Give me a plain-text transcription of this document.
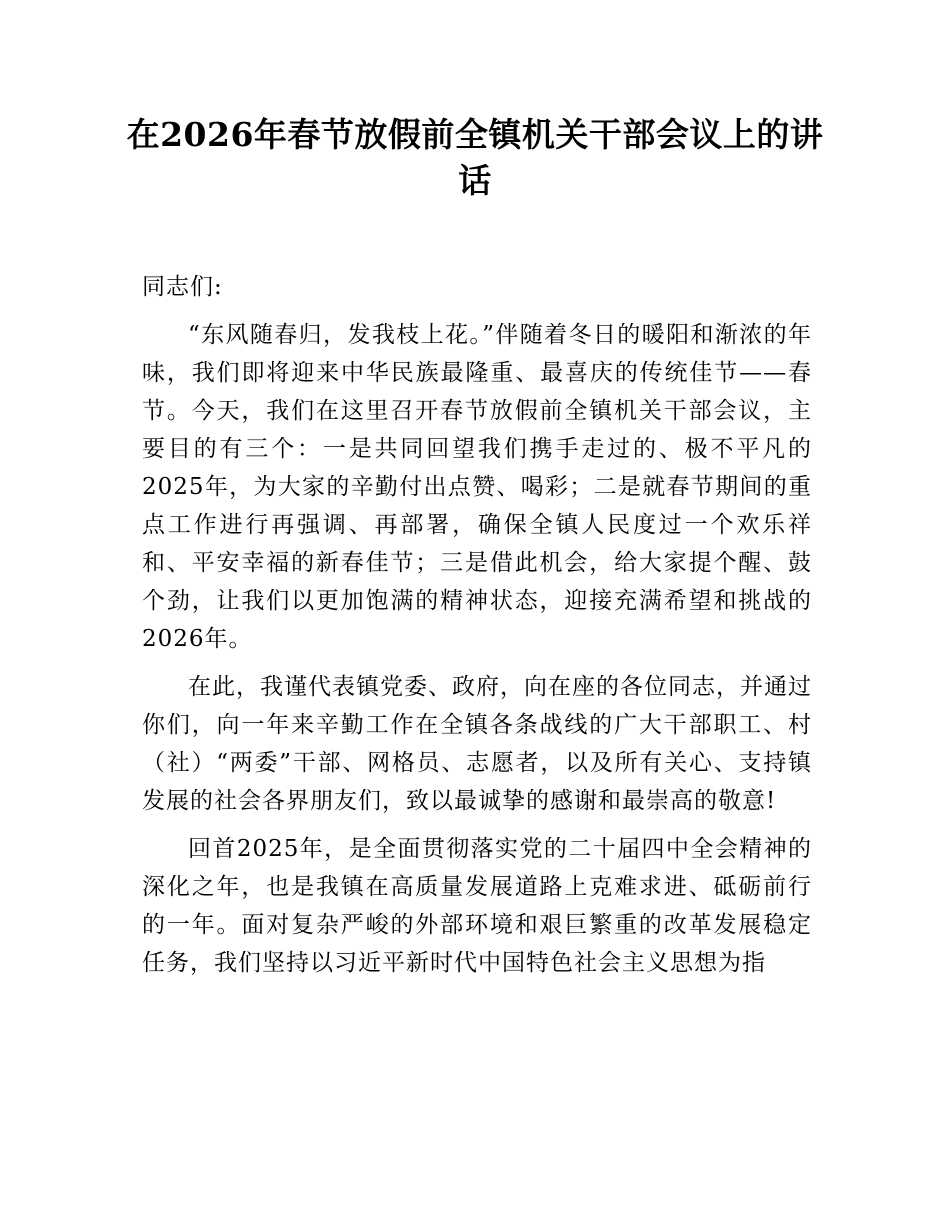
在2026年春节放假前全镇机关干部会议上的讲话

同志们:

“东风随春归，发我枝上花。”伴随着冬日的暖阳和渐浓的年味，我们即将迎来中华民族最隆重、最喜庆的传统佳节——春节。今天，我们在这里召开春节放假前全镇机关干部会议，主要目的有三个：一是共同回望我们携手走过的、极不平凡的2025年，为大家的辛勤付出点赞、喝彩；二是就春节期间的重点工作进行再强调、再部署，确保全镇人民度过一个欢乐祥和、平安幸福的新春佳节；三是借此机会，给大家提个醒、鼓个劲，让我们以更加饱满的精神状态，迎接充满希望和挑战的2026年。

在此，我谨代表镇党委、政府，向在座的各位同志，并通过你们，向一年来辛勤工作在全镇各条战线的广大干部职工、村（社）“两委”干部、网格员、志愿者，以及所有关心、支持镇发展的社会各界朋友们，致以最诚挚的感谢和最崇高的敬意!

回首2025年，是全面贯彻落实党的二十届四中全会精神的深化之年，也是我镇在高质量发展道路上克难求进、砥砺前行的一年。面对复杂严峻的外部环境和艰巨繁重的改革发展稳定任务，我们坚持以习近平新时代中国特色社会主义思想为指
